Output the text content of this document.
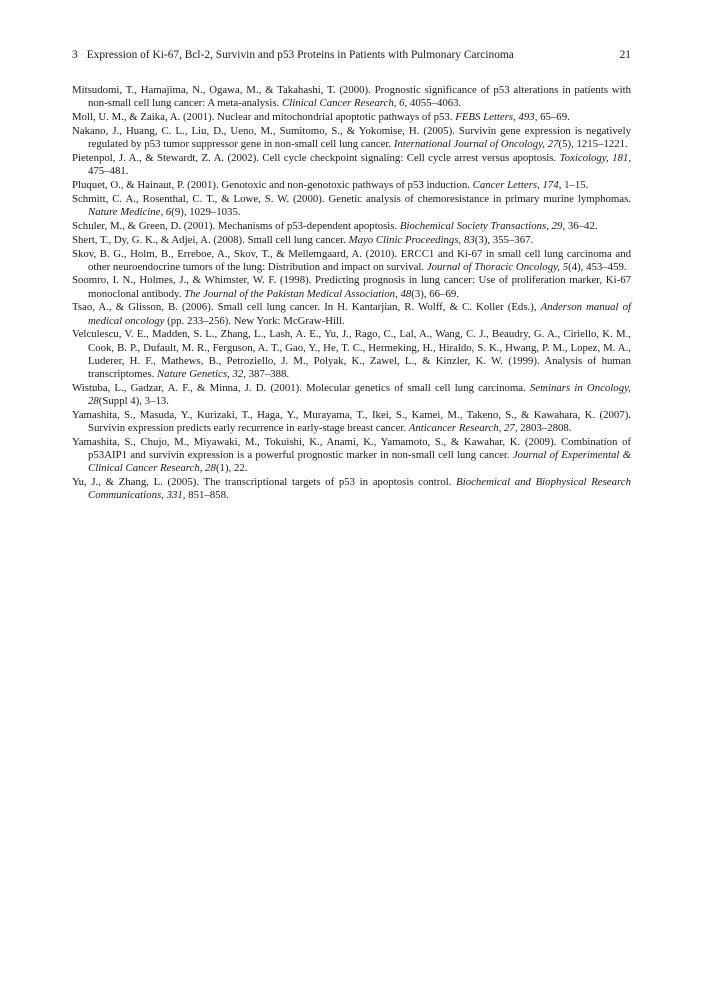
3 Expression of Ki-67, Bcl-2, Survivin and p53 Proteins in Patients with Pulmonary Carcinoma	21
Mitsudomi, T., Hamajima, N., Ogawa, M., & Takahashi, T. (2000). Prognostic significance of p53 alterations in patients with non-small cell lung cancer: A meta-analysis. Clinical Cancer Research, 6, 4055–4063.
Moll, U. M., & Zaika, A. (2001). Nuclear and mitochondrial apoptotic pathways of p53. FEBS Letters, 493, 65–69.
Nakano, J., Huang, C. L., Liu, D., Ueno, M., Sumitomo, S., & Yokomise, H. (2005). Survivin gene expression is negatively regulated by p53 tumor suppressor gene in non-small cell lung cancer. International Journal of Oncology, 27(5), 1215–1221.
Pietenpol, J. A., & Stewardt, Z. A. (2002). Cell cycle checkpoint signaling: Cell cycle arrest versus apoptosis. Toxicology, 181, 475–481.
Pluquet, O., & Hainaut, P. (2001). Genotoxic and non-genotoxic pathways of p53 induction. Cancer Letters, 174, 1–15.
Schmitt, C. A., Rosenthal, C. T., & Lowe, S. W. (2000). Genetic analysis of chemoresistance in primary murine lymphomas. Nature Medicine, 6(9), 1029–1035.
Schuler, M., & Green, D. (2001). Mechanisms of p53-dependent apoptosis. Biochemical Society Transactions, 29, 36–42.
Shert, T., Dy, G. K., & Adjei, A. (2008). Small cell lung cancer. Mayo Clinic Proceedings, 83(3), 355–367.
Skov, B. G., Holm, B., Erreboe, A., Skov, T., & Mellemgaard, A. (2010). ERCC1 and Ki-67 in small cell lung carcinoma and other neuroendocrine tumors of the lung: Distribution and impact on survival. Journal of Thoracic Oncology, 5(4), 453–459.
Soomro, I. N., Holmes, J., & Whimster, W. F. (1998). Predicting prognosis in lung cancer: Use of proliferation marker, Ki-67 monoclonal antibody. The Journal of the Pakistan Medical Association, 48(3), 66–69.
Tsao, A., & Glisson, B. (2006). Small cell lung cancer. In H. Kantarjian, R. Wolff, & C. Koller (Eds.), Anderson manual of medical oncology (pp. 233–256). New York: McGraw-Hill.
Velculescu, V. E., Madden, S. L., Zhang, L., Lash, A. E., Yu, J., Rago, C., Lal, A., Wang, C. J., Beaudry, G. A., Ciriello, K. M., Cook, B. P., Dufault, M. R., Ferguson, A. T., Gao, Y., He, T. C., Hermeking, H., Hiraldo, S. K., Hwang, P. M., Lopez, M. A., Luderer, H. F., Mathews, B., Petroziello, J. M., Polyak, K., Zawel, L., & Kinzler, K. W. (1999). Analysis of human transcriptomes. Nature Genetics, 32, 387–388.
Wistuba, L., Gadzar, A. F., & Minna, J. D. (2001). Molecular genetics of small cell lung carcinoma. Seminars in Oncology, 28(Suppl 4), 3–13.
Yamashita, S., Masuda, Y., Kurizaki, T., Haga, Y., Murayama, T., Ikei, S., Kamei, M., Takeno, S., & Kawahara, K. (2007). Survivin expression predicts early recurrence in early-stage breast cancer. Anticancer Research, 27, 2803–2808.
Yamashita, S., Chujo, M., Miyawaki, M., Tokuishi, K., Anami, K., Yamamoto, S., & Kawahar, K. (2009). Combination of p53AIP1 and survivin expression is a powerful prognostic marker in non-small cell lung cancer. Journal of Experimental & Clinical Cancer Research, 28(1), 22.
Yu, J., & Zhang, L. (2005). The transcriptional targets of p53 in apoptosis control. Biochemical and Biophysical Research Communications, 331, 851–858.
